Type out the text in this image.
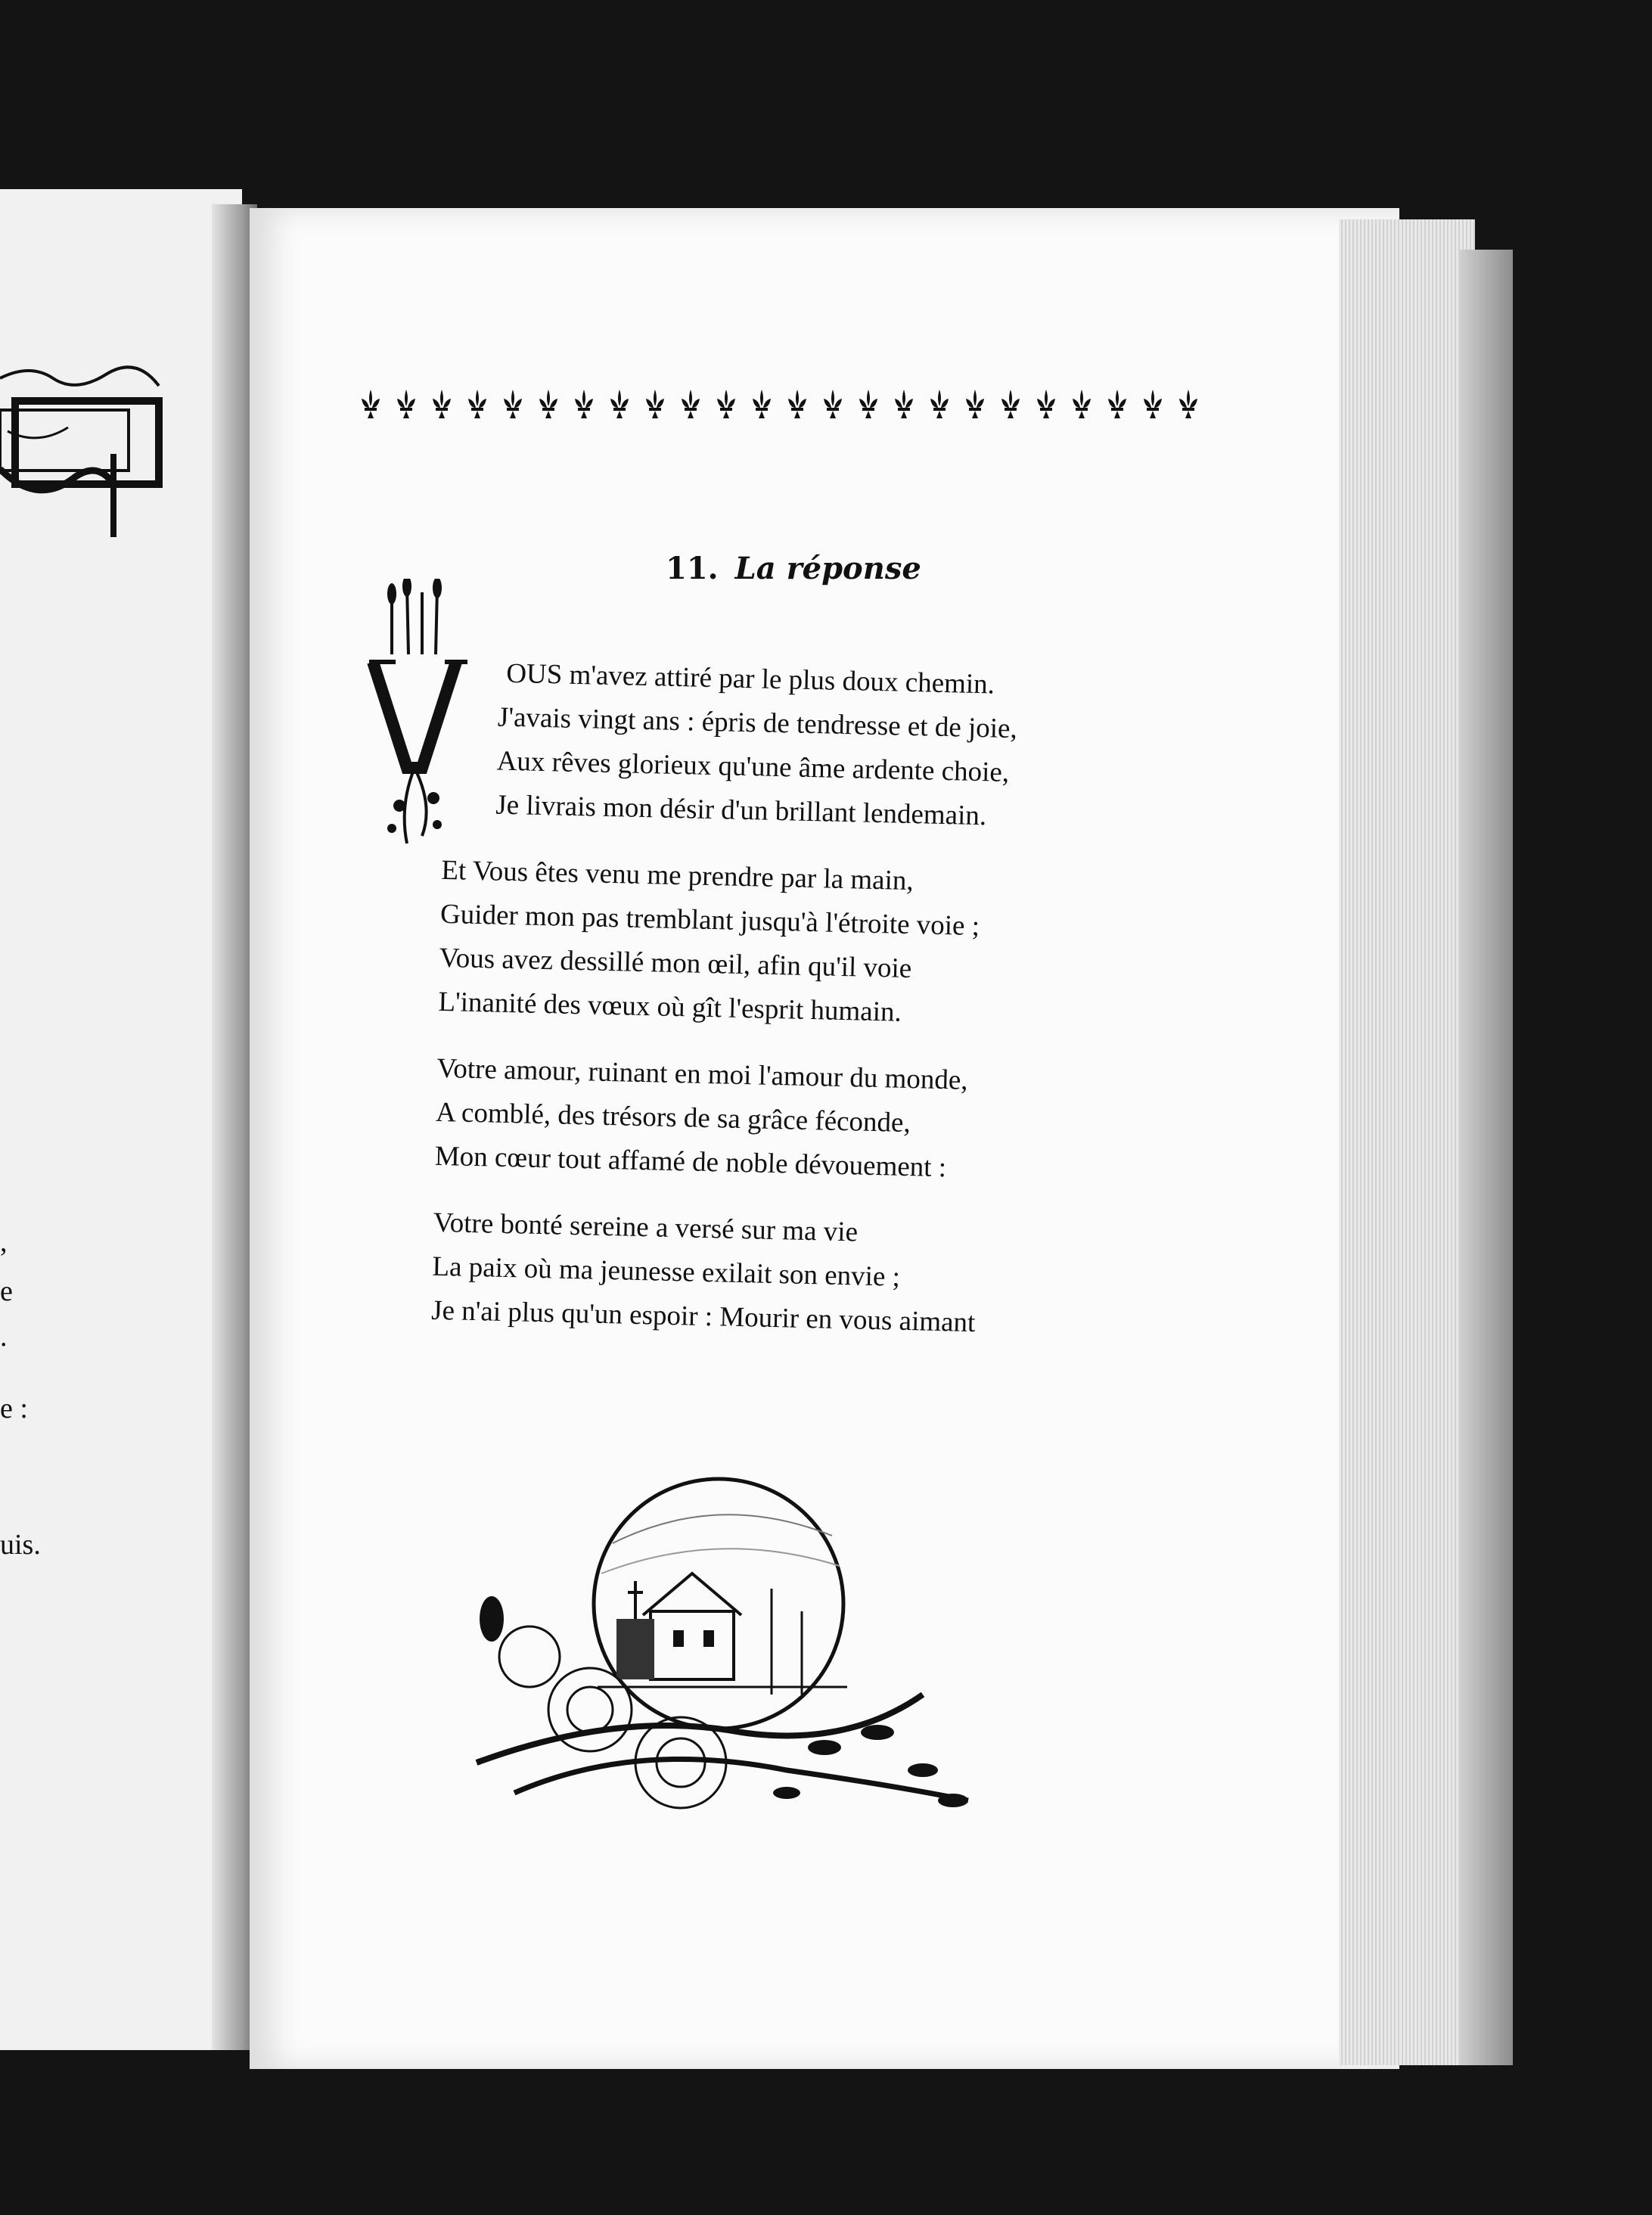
,
e
.
e :
uis.
11. La réponse
OUS m'avez attiré par le plus doux chemin.
J'avais vingt ans : épris de tendresse et de joie,
Aux rêves glorieux qu'une âme ardente choie,
Je livrais mon désir d'un brillant lendemain.
Et Vous êtes venu me prendre par la main,
Guider mon pas tremblant jusqu'à l'étroite voie ;
Vous avez dessillé mon œil, afin qu'il voie
L'inanité des vœux où gît l'esprit humain.
Votre amour, ruinant en moi l'amour du monde,
A comblé, des trésors de sa grâce féconde,
Mon cœur tout affamé de noble dévouement :
Votre bonté sereine a versé sur ma vie
La paix où ma jeunesse exilait son envie ;
Je n'ai plus qu'un espoir : Mourir en vous aimant
